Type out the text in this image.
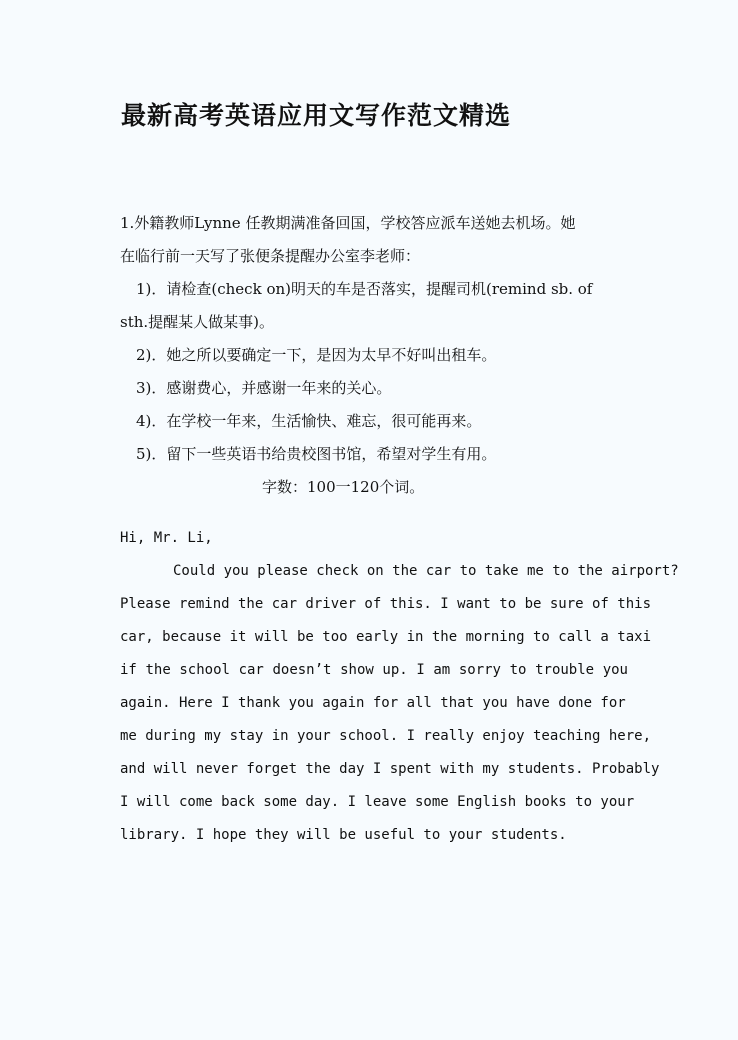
最新高考英语应用文写作范文精选
1.外籍教师Lynne 任教期满准备回国，学校答应派车送她去机场。她
在临行前一天写了张便条提醒办公室李老师：
1)．请检查(check on)明天的车是否落实，提醒司机(remind sb. of
sth.提醒某人做某事)。
2)．她之所以要确定一下，是因为太早不好叫出租车。
3)．感谢费心，并感谢一年来的关心。
4)．在学校一年来，生活愉快、难忘，很可能再来。
5)．留下一些英语书给贵校图书馆，希望对学生有用。
字数：100一120个词。
Hi, Mr. Li,
Could you please check on the car to take me to the airport?
Please remind the car driver of this. I want to be sure of this
car, because it will be too early in the morning to call a taxi
if the school car doesn’t show up. I am sorry to trouble you
again. Here I thank you again for all that you have done for
me during my stay in your school. I really enjoy teaching here,
and will never forget the day I spent with my students. Probably
I will come back some day. I leave some English books to your
library. I hope they will be useful to your students.
